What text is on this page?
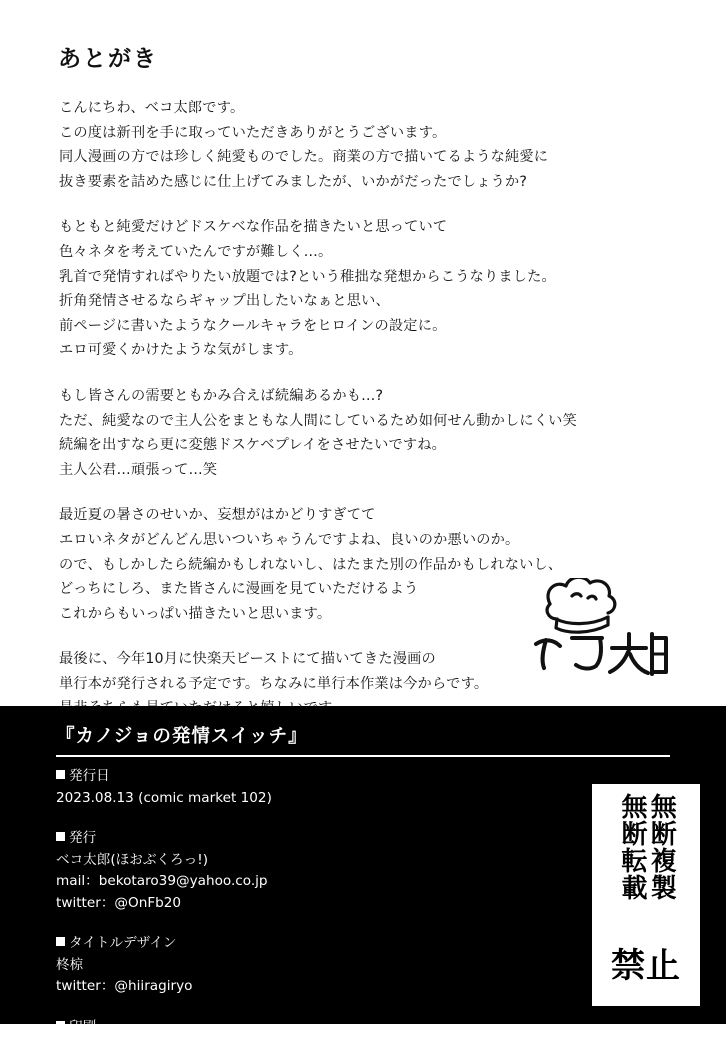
あとがき

こんにちわ、ベコ太郎です。
この度は新刊を手に取っていただきありがとうございます。
同人漫画の方では珍しく純愛ものでした。商業の方で描いてるような純愛に
抜き要素を詰めた感じに仕上げてみましたが、いかがだったでしょうか?

もともと純愛だけどドスケベな作品を描きたいと思っていて
色々ネタを考えていたんですが難しく…。
乳首で発情すればやりたい放題では?という稚拙な発想からこうなりました。
折角発情させるならギャップ出したいなぁと思い、
前ページに書いたようなクールキャラをヒロインの設定に。
エロ可愛くかけたような気がします。

もし皆さんの需要ともかみ合えば続編あるかも…?
ただ、純愛なので主人公をまともな人間にしているため如何せん動かしにくい笑
続編を出すなら更に変態ドスケベプレイをさせたいですね。
主人公君…頑張って…笑

最近夏の暑さのせいか、妄想がはかどりすぎてて
エロいネタがどんどん思いついちゃうんですよね、良いのか悪いのか。
ので、もしかしたら続編かもしれないし、はたまた別の作品かもしれないし、
どっちにしろ、また皆さんに漫画を見ていただけるよう
これからもいっぱい描きたいと思います。

最後に、今年10月に快楽天ビーストにて描いてきた漫画の
単行本が発行される予定です。ちなみに単行本作業は今からです。

『カノジョの発情スイッチ』
発行日
2023.08.13 (comic market 102)
発行
ベコ太郎(ほおぶくろっ!)
mail：bekotaro39@yahoo.co.jp
twitter：@OnFb20
タイトルデザイン
柊椋
twitter：@hiiragiryo
印刷
栄光印刷
無断複製
無断転載
禁止
